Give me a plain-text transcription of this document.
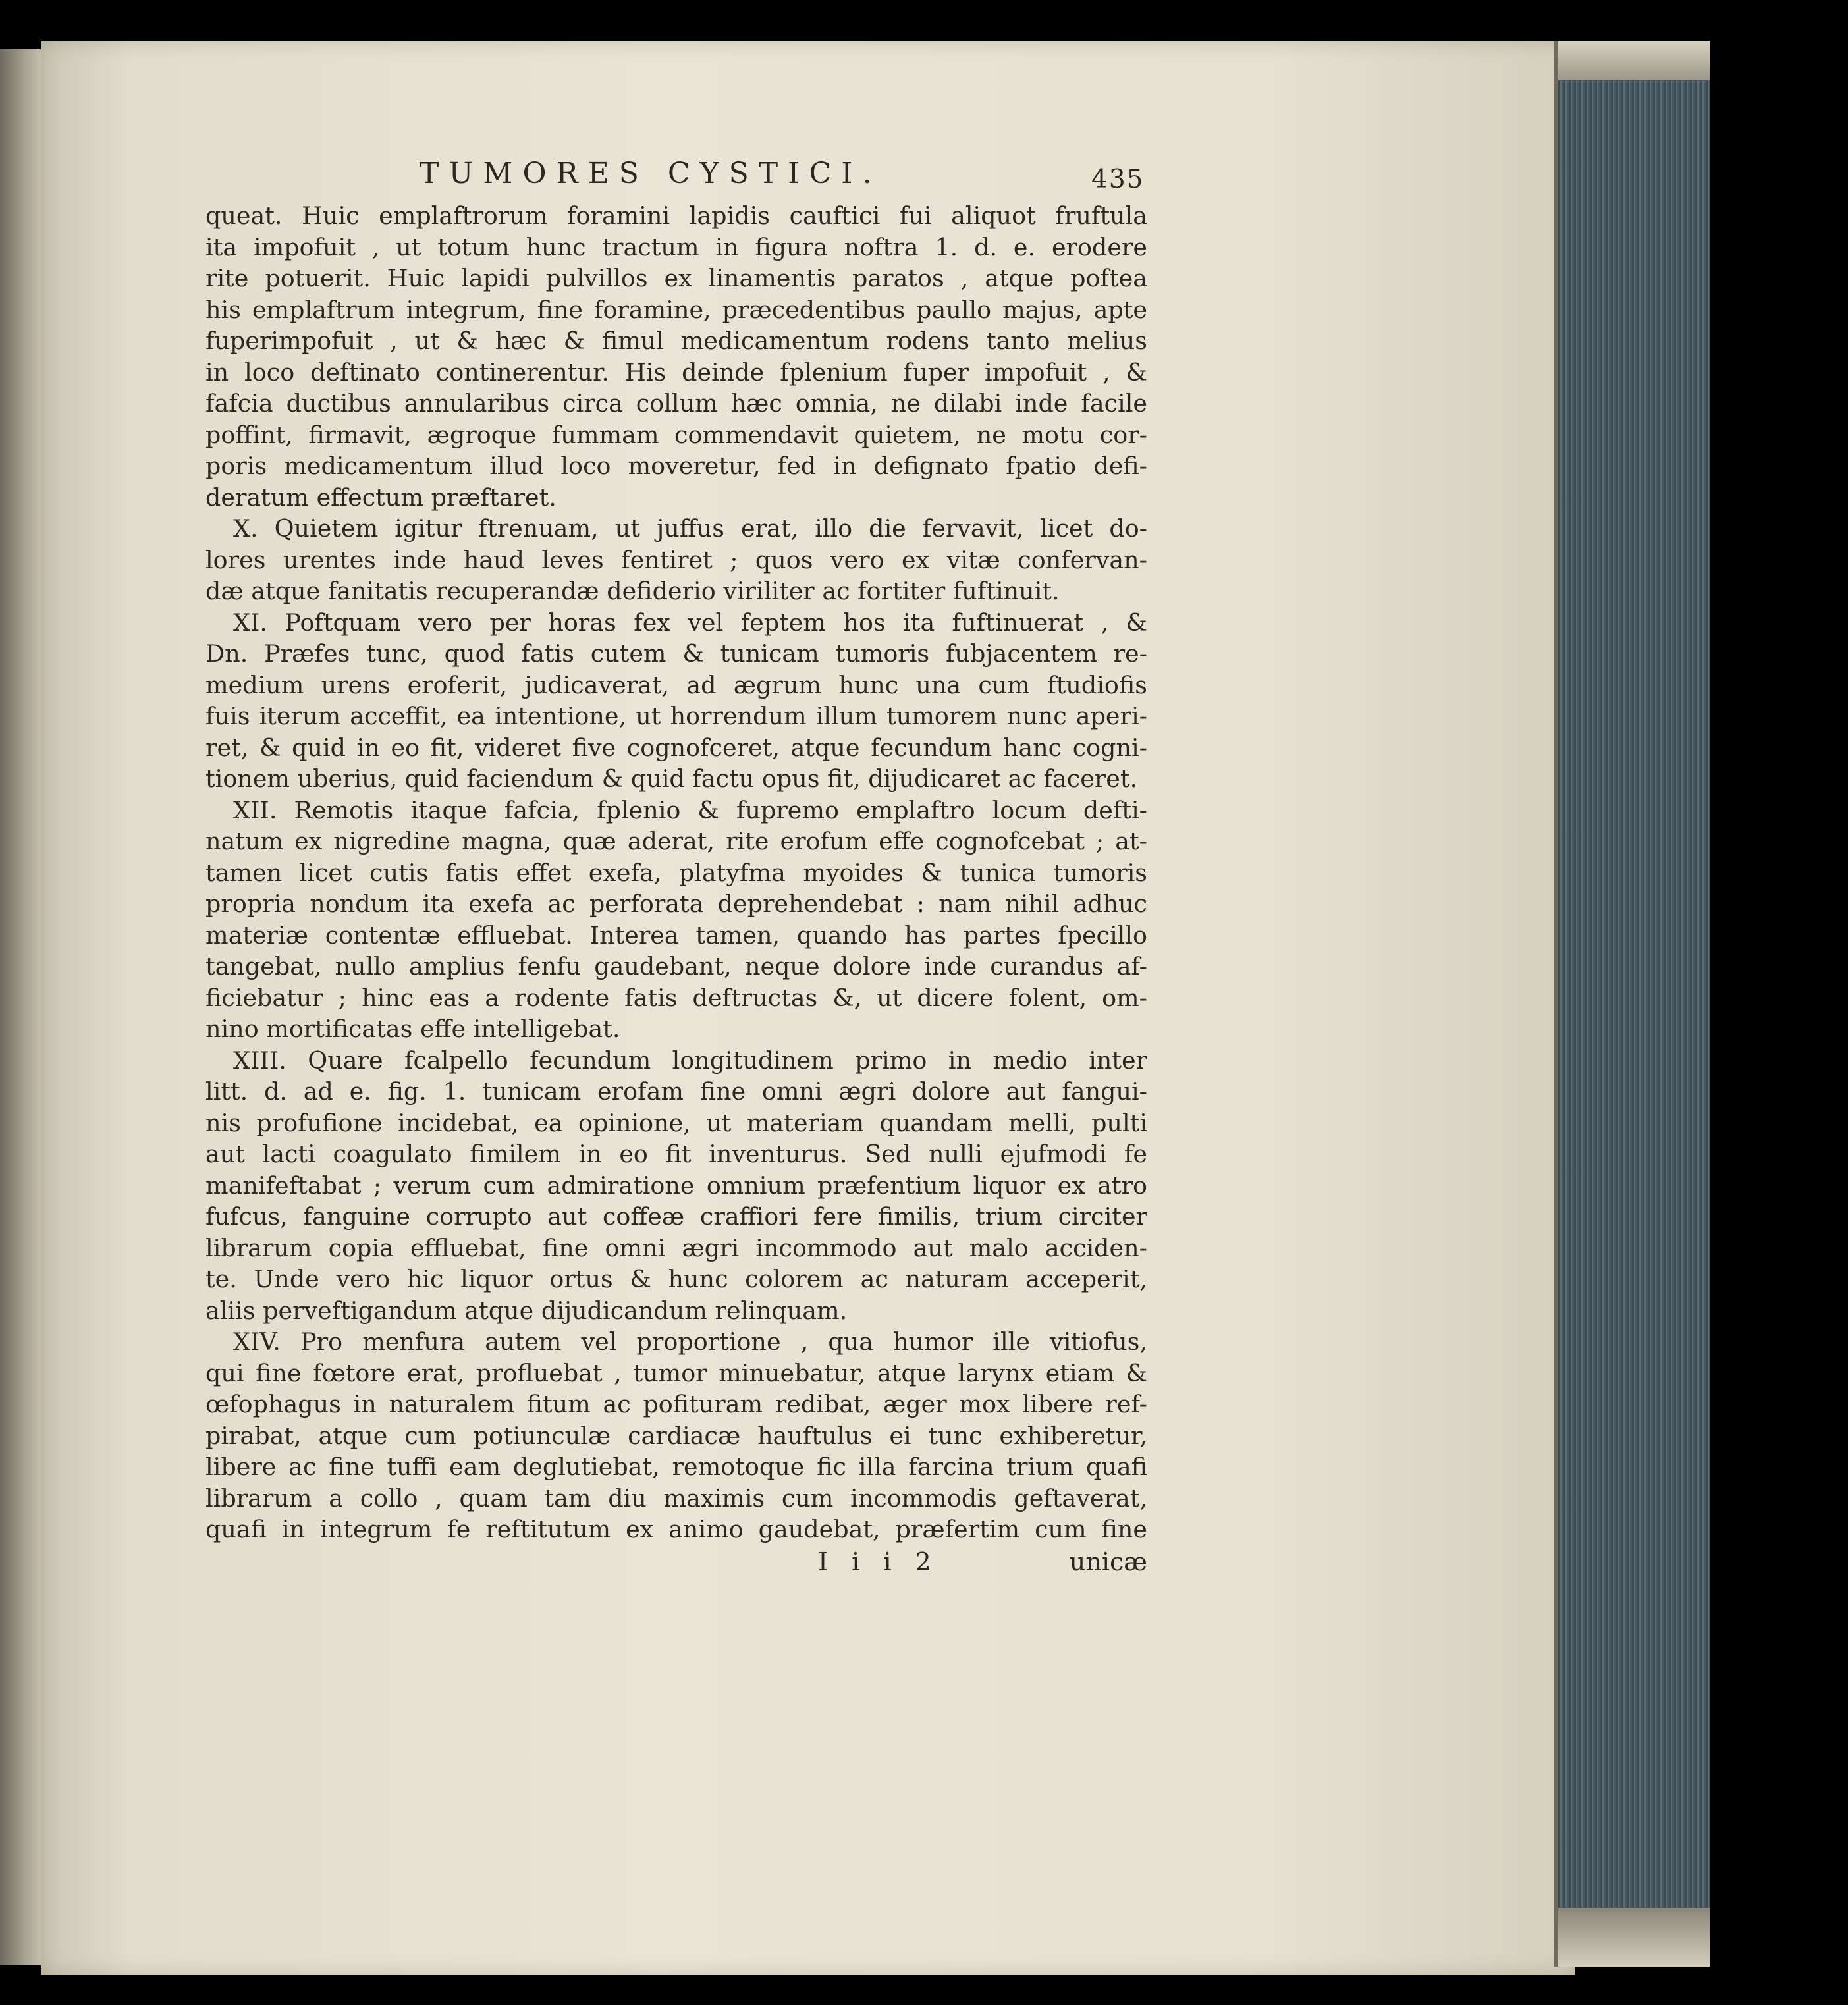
TUMORES CYSTICI.	435
queat. Huic emplaftrorum foramini lapidis cauftici fui aliquot fruftula
ita impofuit , ut totum hunc tractum in figura noftra 1. d. e. erodere
rite potuerit. Huic lapidi pulvillos ex linamentis paratos , atque poftea
his emplaftrum integrum, fine foramine, præcedentibus paullo majus, apte
fuperimpofuit , ut & hæc & fimul medicamentum rodens tanto melius
in loco deftinato continerentur. His deinde fplenium fuper impofuit , &
fafcia ductibus annularibus circa collum hæc omnia, ne dilabi inde facile
poffint, firmavit, ægroque fummam commendavit quietem, ne motu cor-
poris medicamentum illud loco moveretur, fed in defignato fpatio defi-
deratum effectum præftaret.
X. Quietem igitur ftrenuam, ut juffus erat, illo die fervavit, licet do-
lores urentes inde haud leves fentiret ; quos vero ex vitæ confervan-
dæ atque fanitatis recuperandæ defiderio viriliter ac fortiter fuftinuit.
XI. Poftquam vero per horas fex vel feptem hos ita fuftinuerat , &
Dn. Præfes tunc, quod fatis cutem & tunicam tumoris fubjacentem re-
medium urens eroferit, judicaverat, ad ægrum hunc una cum ftudiofis
fuis iterum acceffit, ea intentione, ut horrendum illum tumorem nunc aperi-
ret, & quid in eo fit, videret five cognofceret, atque fecundum hanc cogni-
tionem uberius, quid faciendum & quid factu opus fit, dijudicaret ac faceret.
XII. Remotis itaque fafcia, fplenio & fupremo emplaftro locum defti-
natum ex nigredine magna, quæ aderat, rite erofum effe cognofcebat ; at-
tamen licet cutis fatis effet exefa, platyfma myoides & tunica tumoris
propria nondum ita exefa ac perforata deprehendebat : nam nihil adhuc
materiæ contentæ effluebat. Interea tamen, quando has partes fpecillo
tangebat, nullo amplius fenfu gaudebant, neque dolore inde curandus af-
ficiebatur ; hinc eas a rodente fatis deftructas &, ut dicere folent, om-
nino mortificatas effe intelligebat.
XIII. Quare fcalpello fecundum longitudinem primo in medio inter
litt. d. ad e. fig. 1. tunicam erofam fine omni ægri dolore aut fangui-
nis profufione incidebat, ea opinione, ut materiam quandam melli, pulti
aut lacti coagulato fimilem in eo fit inventurus. Sed nulli ejufmodi fe
manifeftabat ; verum cum admiratione omnium præfentium liquor ex atro
fufcus, fanguine corrupto aut coffeæ craffiori fere fimilis, trium circiter
librarum copia effluebat, fine omni ægri incommodo aut malo acciden-
te. Unde vero hic liquor ortus & hunc colorem ac naturam acceperit,
aliis perveftigandum atque dijudicandum relinquam.
XIV. Pro menfura autem vel proportione , qua humor ille vitiofus,
qui fine fœtore erat, profluebat , tumor minuebatur, atque larynx etiam &
œfophagus in naturalem fitum ac pofituram redibat, æger mox libere ref-
pirabat, atque cum potiunculæ cardiacæ hauftulus ei tunc exhiberetur,
libere ac fine tuffi eam deglutiebat, remotoque fic illa farcina trium quafi
librarum a collo , quam tam diu maximis cum incommodis geftaverat,
quafi in integrum fe reftitutum ex animo gaudebat, præfertim cum fine
I i i 2	unicæ
